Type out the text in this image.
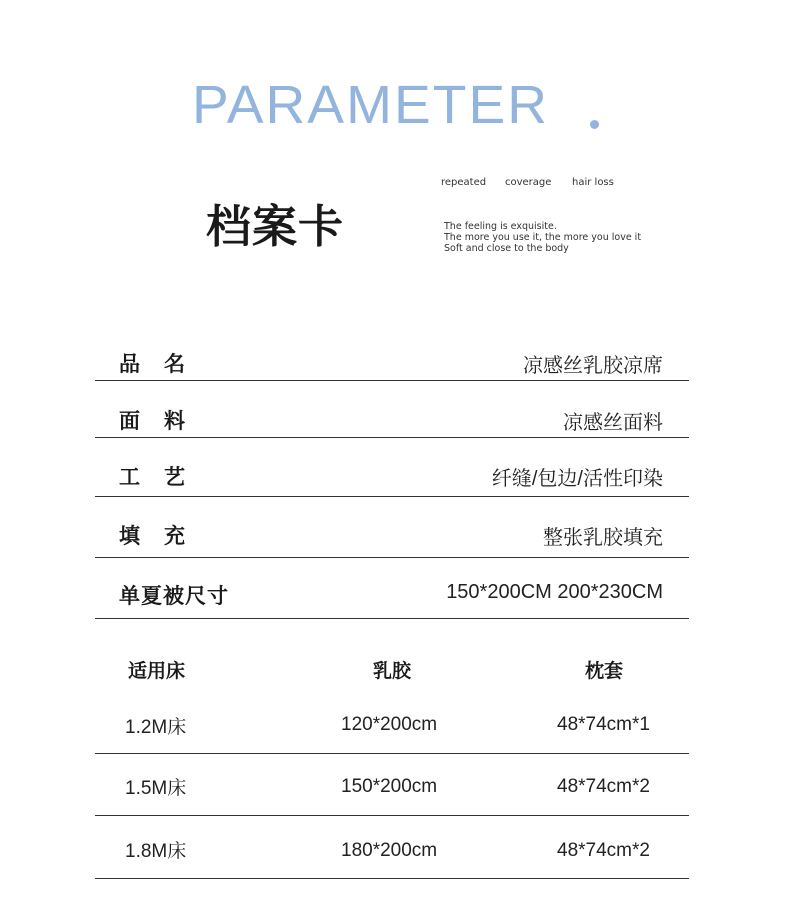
PARAMETER
档案卡
repeated coverage hair loss
The feeling is exquisite.
The more you use it, the more you love it
Soft and close to the body
品名	凉感丝乳胶凉席
面料	凉感丝面料
工艺	纤缝/包边/活性印染
填充	整张乳胶填充
单夏被尺寸	150*200CM 200*230CM
适用床	乳胶	枕套
1.2M床	120*200cm	48*74cm*1
1.5M床	150*200cm	48*74cm*2
1.8M床	180*200cm	48*74cm*2
